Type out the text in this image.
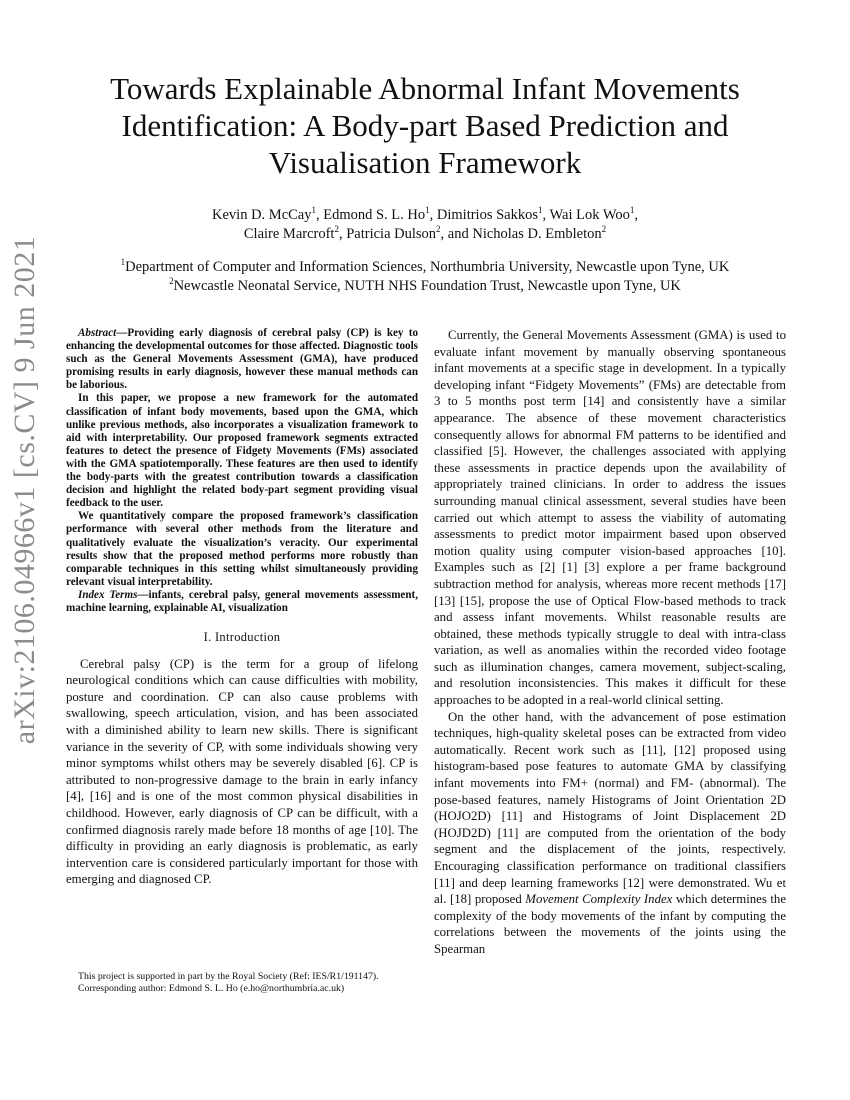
arXiv:2106.04966v1 [cs.CV] 9 Jun 2021
Towards Explainable Abnormal Infant Movements Identification: A Body-part Based Prediction and Visualisation Framework
Kevin D. McCay$^1$, Edmond S. L. Ho$^1$, Dimitrios Sakkos$^1$, Wai Lok Woo$^1$,
Claire Marcroft$^2$, Patricia Dulson$^2$, and Nicholas D. Embleton$^2$
$^1$Department of Computer and Information Sciences, Northumbria University, Newcastle upon Tyne, UK
$^2$Newcastle Neonatal Service, NUTH NHS Foundation Trust, Newcastle upon Tyne, UK

Abstract—Providing early diagnosis of cerebral palsy (CP) is key to enhancing the developmental outcomes for those affected. Diagnostic tools such as the General Movements Assessment (GMA), have produced promising results in early diagnosis, however these manual methods can be laborious.

In this paper, we propose a new framework for the automated classification of infant body movements, based upon the GMA, which unlike previous methods, also incorporates a visualization framework to aid with interpretability. Our proposed framework segments extracted features to detect the presence of Fidgety Movements (FMs) associated with the GMA spatiotemporally. These features are then used to identify the body-parts with the greatest contribution towards a classification decision and highlight the related body-part segment providing visual feedback to the user.

We quantitatively compare the proposed framework’s classification performance with several other methods from the literature and qualitatively evaluate the visualization’s veracity. Our experimental results show that the proposed method performs more robustly than comparable techniques in this setting whilst simultaneously providing relevant visual interpretability.

Index Terms—infants, cerebral palsy, general movements assessment, machine learning, explainable AI, visualization

I. Introduction

Cerebral palsy (CP) is the term for a group of lifelong neurological conditions which can cause difficulties with mobility, posture and coordination. CP can also cause problems with swallowing, speech articulation, vision, and has been associated with a diminished ability to learn new skills. There is significant variance in the severity of CP, with some individuals showing very minor symptoms whilst others may be severely disabled [6]. CP is attributed to non-progressive damage to the brain in early infancy [4], [16] and is one of the most common physical disabilities in childhood. However, early diagnosis of CP can be difficult, with a confirmed diagnosis rarely made before 18 months of age [10]. The difficulty in providing an early diagnosis is problematic, as early intervention care is considered particularly important for those with emerging and diagnosed CP.

This project is supported in part by the Royal Society (Ref: IES/R1/191147).

Corresponding author: Edmond S. L. Ho (e.ho@northumbria.ac.uk)

Currently, the General Movements Assessment (GMA) is used to evaluate infant movement by manually observing spontaneous infant movements at a specific stage in development. In a typically developing infant “Fidgety Movements” (FMs) are detectable from 3 to 5 months post term [14] and consistently have a similar appearance. The absence of these movement characteristics consequently allows for abnormal FM patterns to be identified and classified [5]. However, the challenges associated with applying these assessments in practice depends upon the availability of appropriately trained clinicians. In order to address the issues surrounding manual clinical assessment, several studies have been carried out which attempt to assess the viability of automating assessments to predict motor impairment based upon observed motion quality using computer vision-based approaches [10]. Examples such as [2] [1] [3] explore a per frame background subtraction method for analysis, whereas more recent methods [17] [13] [15], propose the use of Optical Flow-based methods to track and assess infant movements. Whilst reasonable results are obtained, these methods typically struggle to deal with intra-class variation, as well as anomalies within the recorded video footage such as illumination changes, camera movement, subject-scaling, and resolution inconsistencies. This makes it difficult for these approaches to be adopted in a real-world clinical setting.

On the other hand, with the advancement of pose estimation techniques, high-quality skeletal poses can be extracted from video automatically. Recent work such as [11], [12] proposed using histogram-based pose features to automate GMA by classifying infant movements into FM+ (normal) and FM- (abnormal). The pose-based features, namely Histograms of Joint Orientation 2D (HOJO2D) [11] and Histograms of Joint Displacement 2D (HOJD2D) [11] are computed from the orientation of the body segment and the displacement of the joints, respectively. Encouraging classification performance on traditional classifiers [11] and deep learning frameworks [12] were demonstrated. Wu et al. [18] proposed Movement Complexity Index which determines the complexity of the body movements of the infant by computing the correlations between the movements of the joints using the Spearman
